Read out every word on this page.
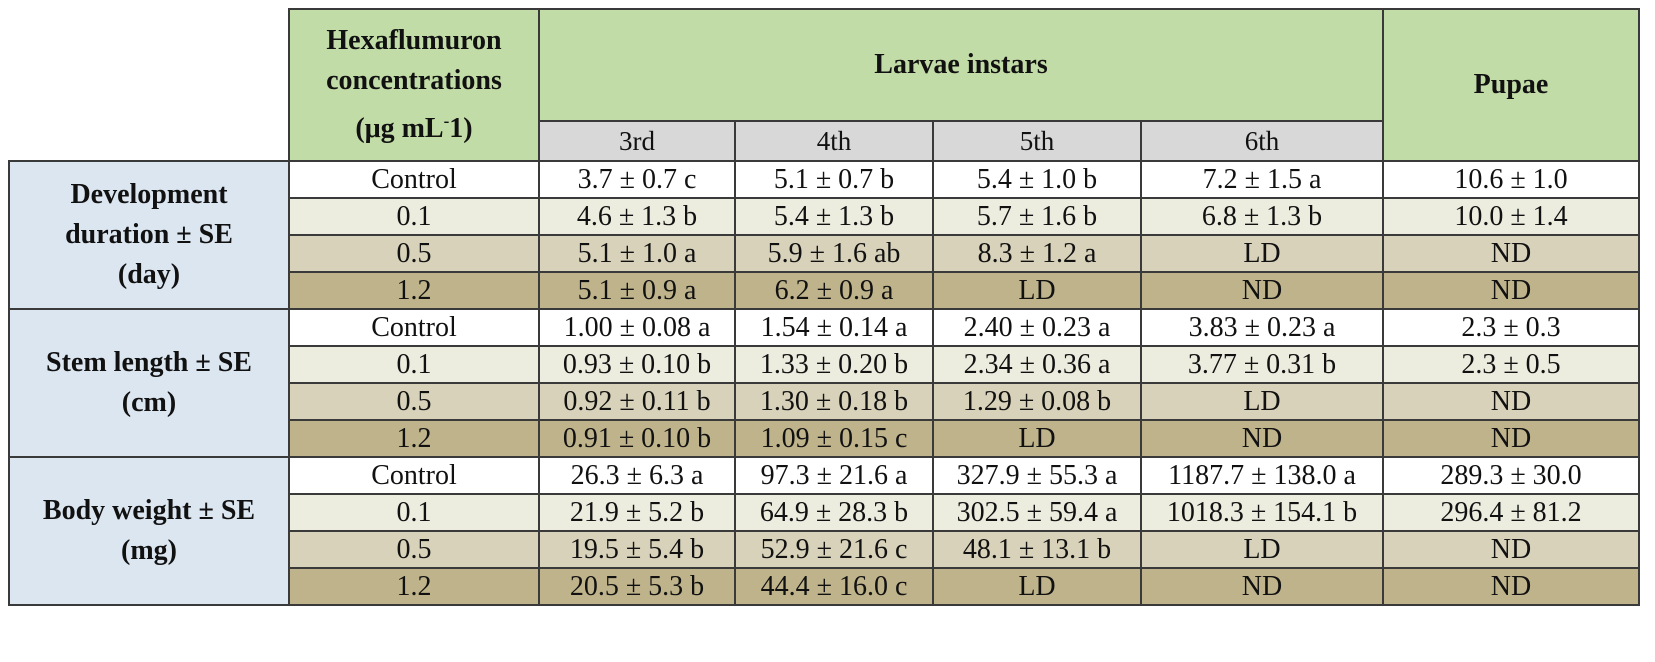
	Hexaflumuron
concentrations
(μg mL-1)	Larvae instars				Pupae
		3rd	4th	5th	6th	
Development
duration ± SE
(day)	Control	3.7 ± 0.7 c	5.1 ± 0.7 b	5.4 ± 1.0 b	7.2 ± 1.5 a	10.6 ± 1.0
	0.1	4.6 ± 1.3 b	5.4 ± 1.3 b	5.7 ± 1.6 b	6.8 ± 1.3 b	10.0 ± 1.4
	0.5	5.1 ± 1.0 a	5.9 ± 1.6 ab	8.3 ± 1.2 a	LD	ND
	1.2	5.1 ± 0.9 a	6.2 ± 0.9 a	LD	ND	ND
Stem length ± SE
(cm)	Control	1.00 ± 0.08 a	1.54 ± 0.14 a	2.40 ± 0.23 a	3.83 ± 0.23 a	2.3 ± 0.3
	0.1	0.93 ± 0.10 b	1.33 ± 0.20 b	2.34 ± 0.36 a	3.77 ± 0.31 b	2.3 ± 0.5
	0.5	0.92 ± 0.11 b	1.30 ± 0.18 b	1.29 ± 0.08 b	LD	ND
	1.2	0.91 ± 0.10 b	1.09 ± 0.15 c	LD	ND	ND
Body weight ± SE
(mg)	Control	26.3 ± 6.3 a	97.3 ± 21.6 a	327.9 ± 55.3 a	1187.7 ± 138.0 a	289.3 ± 30.0
	0.1	21.9 ± 5.2 b	64.9 ± 28.3 b	302.5 ± 59.4 a	1018.3 ± 154.1 b	296.4 ± 81.2
	0.5	19.5 ± 5.4 b	52.9 ± 21.6 c	48.1 ± 13.1 b	LD	ND
	1.2	20.5 ± 5.3 b	44.4 ± 16.0 c	LD	ND	ND
